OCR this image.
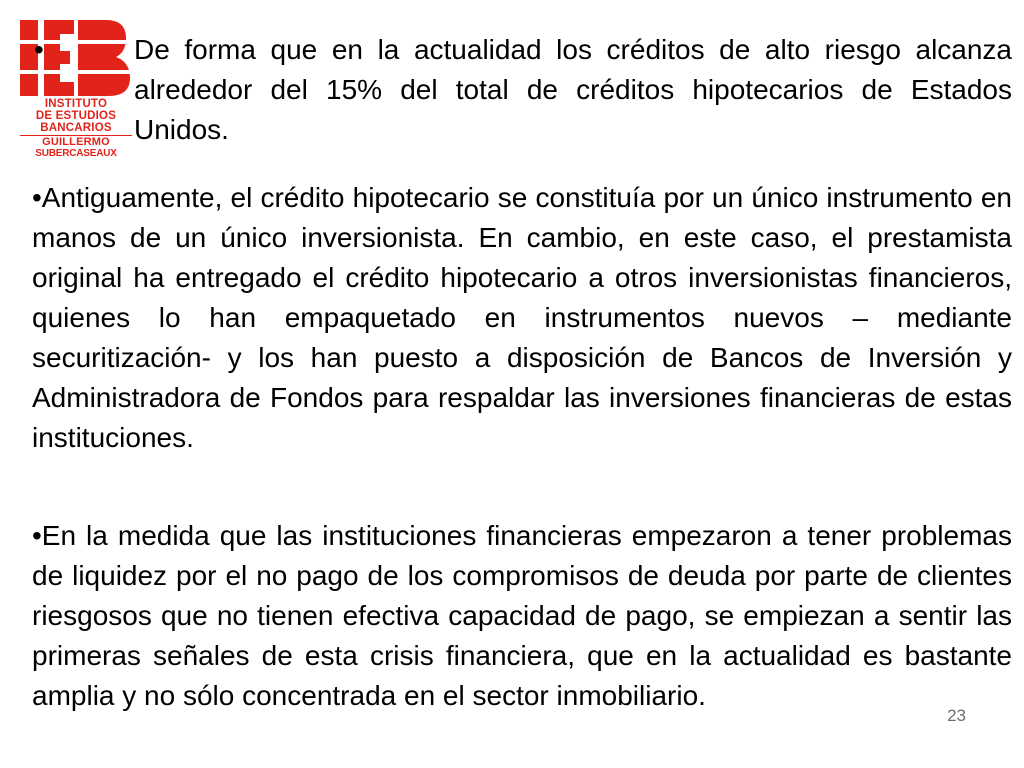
INSTITUTO
DE ESTUDIOS
BANCARIOS
GUILLERMO
SUBERCASEAUX
•	De forma que en la actualidad los créditos de alto riesgo alcanza alrededor del 15% del total de créditos hipotecarios de Estados Unidos.

•Antiguamente, el crédito hipotecario se constituía por un único instrumento en manos de un único inversionista. En cambio, en este caso, el prestamista original ha entregado el crédito hipotecario a otros inversionistas financieros, quienes lo han empaquetado en instrumentos nuevos – mediante securitización- y los han puesto a disposición de Bancos de Inversión y Administradora de Fondos para respaldar las inversiones financieras de estas instituciones.

•En la medida que las instituciones financieras empezaron a tener problemas de liquidez por el no pago de los compromisos de deuda por parte de clientes riesgosos que no tienen efectiva capacidad de pago, se empiezan a sentir las primeras señales de esta crisis financiera, que en la actualidad es bastante amplia y no sólo concentrada en el sector inmobiliario.

23
